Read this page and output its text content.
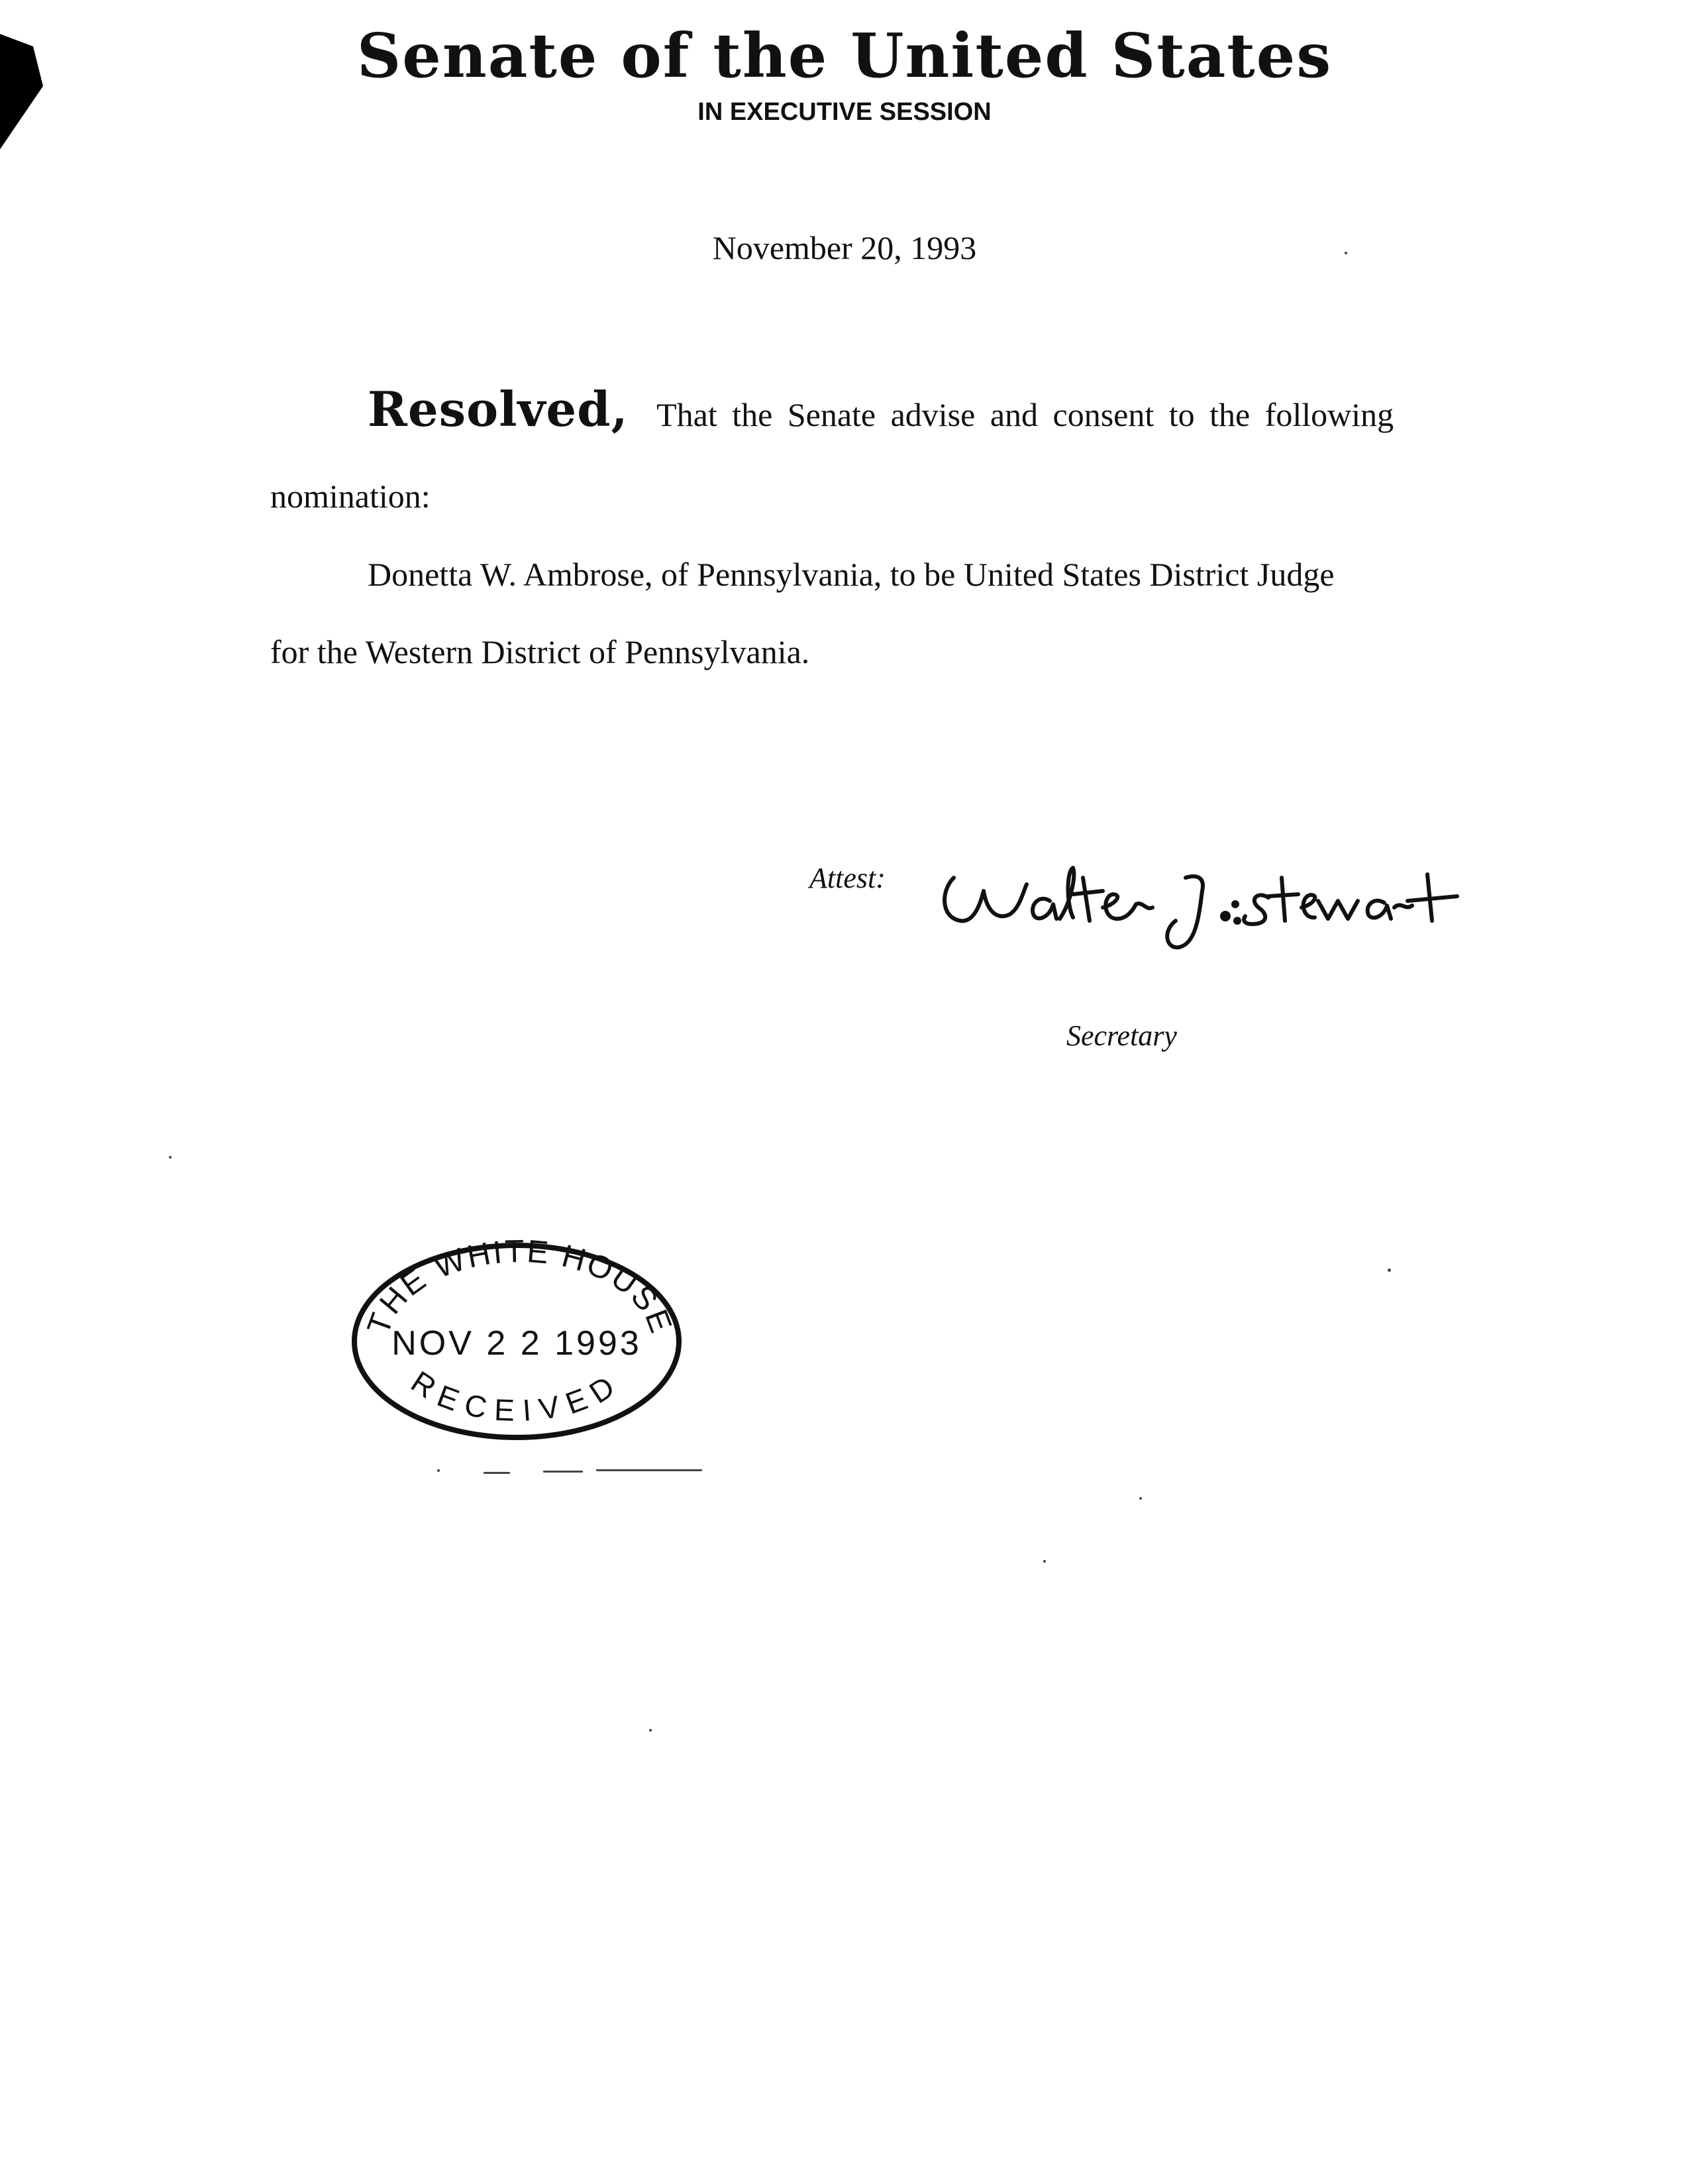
Senate of the United States
IN EXECUTIVE SESSION
November 20, 1993
Resolved, That the Senate advise and consent to the following
nomination:
Donetta W. Ambrose, of Pennsylvania, to be United States District Judge
for the Western District of Pennsylvania.
Attest:
Secretary
THE WHITE HOUSE
NOV 2 2 1993
RECEIVED
